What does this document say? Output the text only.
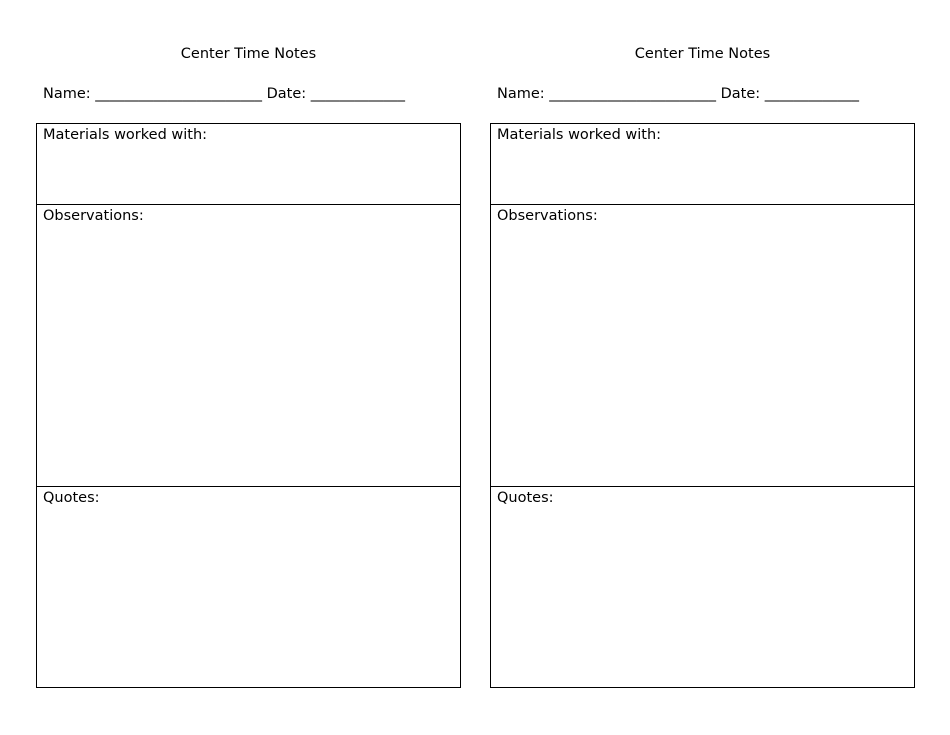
Center Time Notes
Name: _______________________ Date: _____________
Materials worked with:
Observations:
Quotes:
Center Time Notes
Name: _______________________ Date: _____________
Materials worked with:
Observations:
Quotes:
